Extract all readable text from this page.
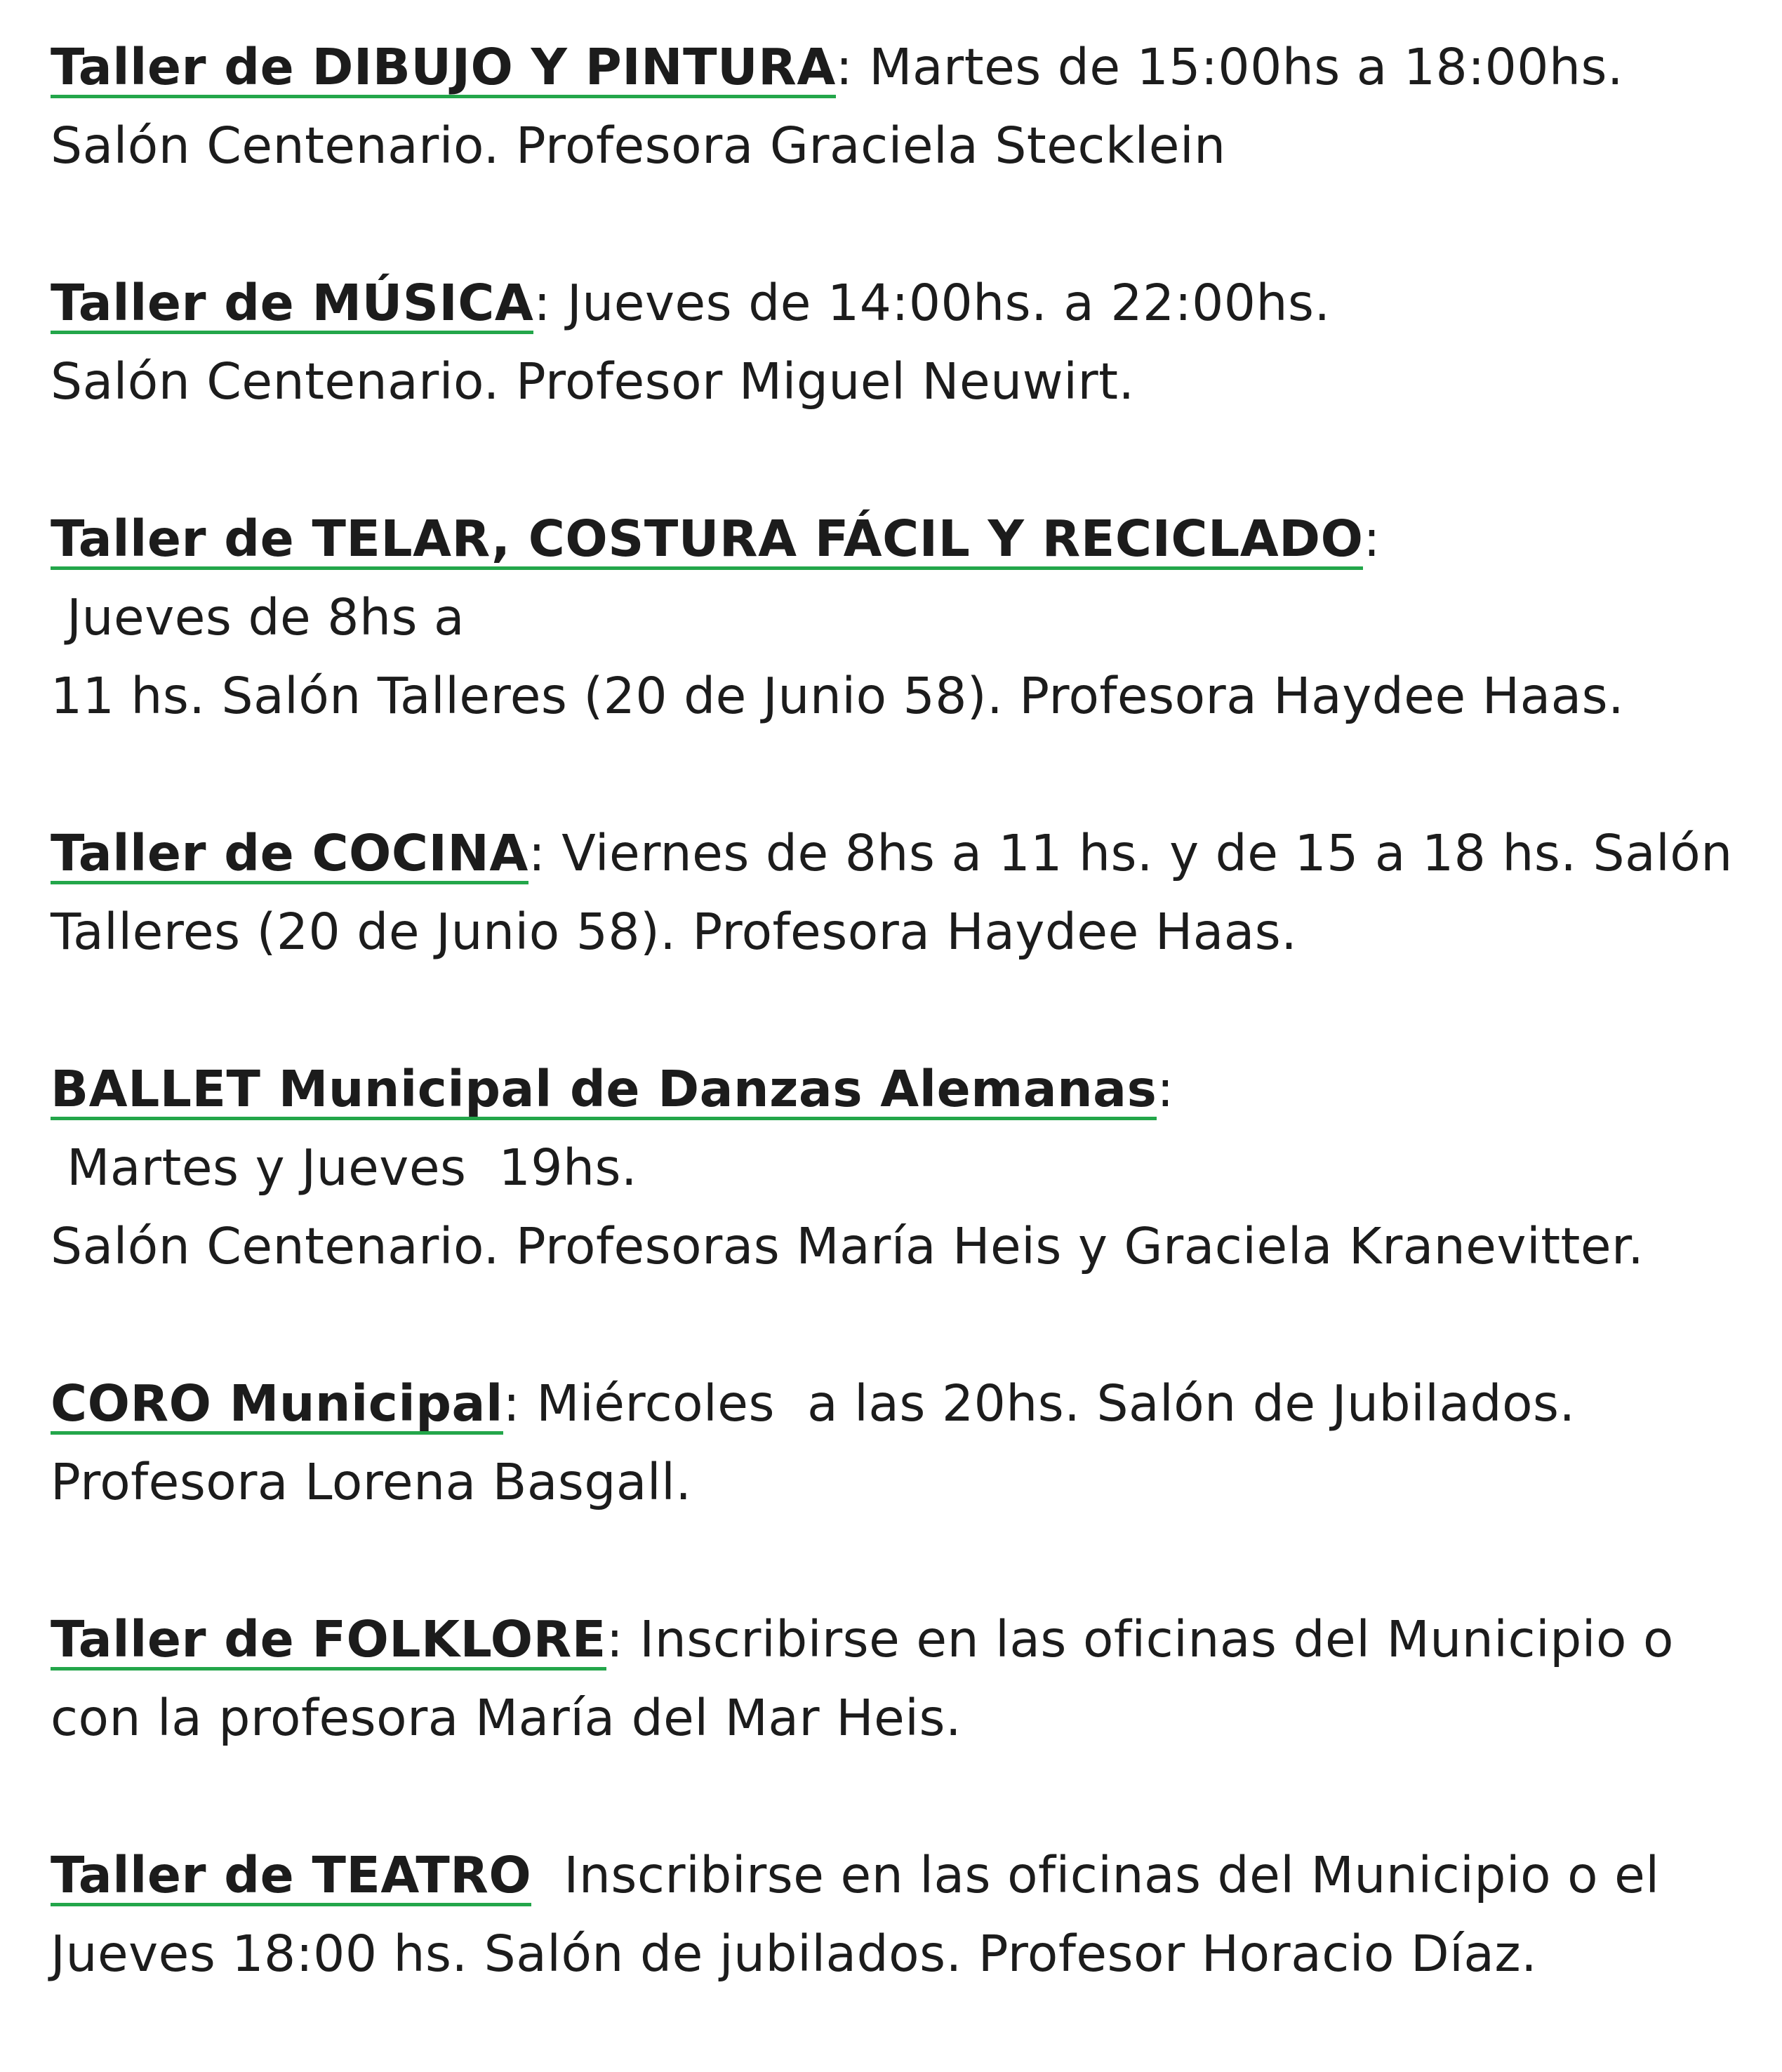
Taller de DIBUJO Y PINTURA: Martes de 15:00hs a 18:00hs.
Salón Centenario. Profesora Graciela Stecklein
Taller de MÚSICA: Jueves de 14:00hs. a 22:00hs.
Salón Centenario. Profesor Miguel Neuwirt.
Taller de TELAR, COSTURA FÁCIL Y RECICLADO: Jueves de 8hs a
11 hs. Salón Talleres (20 de Junio 58). Profesora Haydee Haas.
Taller de COCINA: Viernes de 8hs a 11 hs. y de 15 a 18 hs. Salón
Talleres (20 de Junio 58). Profesora Haydee Haas.
BALLET Municipal de Danzas Alemanas: Martes y Jueves  19hs.
Salón Centenario. Profesoras María Heis y Graciela Kranevitter.
CORO Municipal: Miércoles  a las 20hs. Salón de Jubilados.
Profesora Lorena Basgall.
Taller de FOLKLORE: Inscribirse en las oficinas del Municipio o
con la profesora María del Mar Heis.
Taller de TEATRO  Inscribirse en las oficinas del Municipio o el
Jueves 18:00 hs. Salón de jubilados. Profesor Horacio Díaz.
